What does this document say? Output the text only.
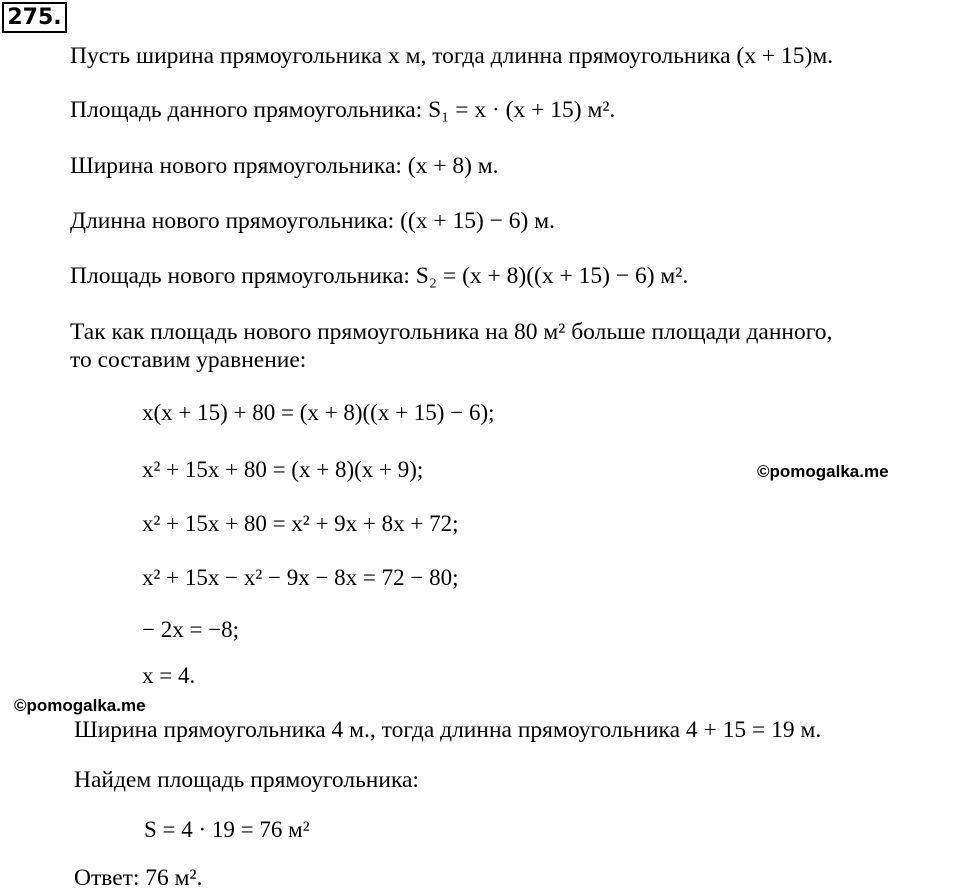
275.
Пусть ширина прямоугольника x м, тогда длинна прямоугольника (x + 15)м.
Площадь данного прямоугольника: S₁ = x · (x + 15) м².
Ширина нового прямоугольника: (x + 8) м.
Длинна нового прямоугольника: ((x + 15) − 6) м.
Площадь нового прямоугольника: S₂ = (x + 8)((x + 15) − 6) м².
Так как площадь нового прямоугольника на 80 м² больше площади данного,
то составим уравнение:
x(x + 15) + 80 = (x + 8)((x + 15) − 6);
x² + 15x + 80 = (x + 8)(x + 9);
x² + 15x + 80 = x² + 9x + 8x + 72;
x² + 15x − x² − 9x − 8x = 72 − 80;
− 2x = −8;
x = 4.
©pomogalka.me
©pomogalka.me
Ширина прямоугольника 4 м., тогда длинна прямоугольника 4 + 15 = 19 м.
Найдем площадь прямоугольника:
S = 4 · 19 = 76 м²
Ответ: 76 м².
